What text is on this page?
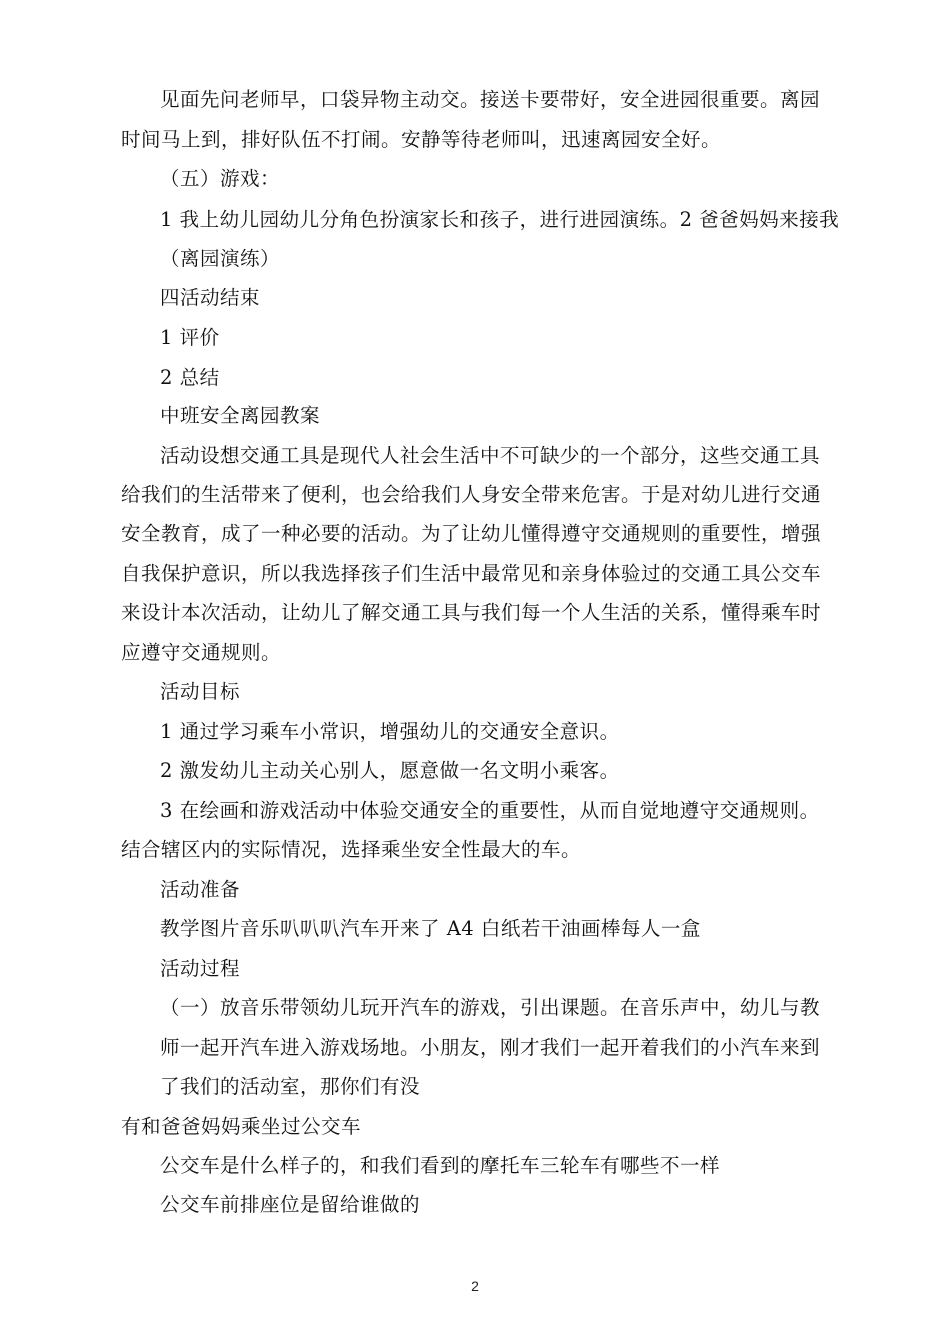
见面先问老师早，口袋异物主动交。接送卡要带好，安全进园很重要。离园
时间马上到，排好队伍不打闹。安静等待老师叫，迅速离园安全好。
（五）游戏：
1 我上幼儿园幼儿分角色扮演家长和孩子，进行进园演练。2 爸爸妈妈来接我
（离园演练）
四活动结束
1 评价
2 总结
中班安全离园教案
活动设想交通工具是现代人社会生活中不可缺少的一个部分，这些交通工具
给我们的生活带来了便利，也会给我们人身安全带来危害。于是对幼儿进行交通
安全教育，成了一种必要的活动。为了让幼儿懂得遵守交通规则的重要性，增强
自我保护意识，所以我选择孩子们生活中最常见和亲身体验过的交通工具公交车
来设计本次活动，让幼儿了解交通工具与我们每一个人生活的关系，懂得乘车时
应遵守交通规则。
活动目标
1 通过学习乘车小常识，增强幼儿的交通安全意识。
2 激发幼儿主动关心别人，愿意做一名文明小乘客。
3 在绘画和游戏活动中体验交通安全的重要性，从而自觉地遵守交通规则。
结合辖区内的实际情况，选择乘坐安全性最大的车。
活动准备
教学图片音乐叭叭叭汽车开来了 A4 白纸若干油画棒每人一盒
活动过程
（一）放音乐带领幼儿玩开汽车的游戏，引出课题。在音乐声中，幼儿与教
师一起开汽车进入游戏场地。小朋友，刚才我们一起开着我们的小汽车来到
了我们的活动室，那你们有没
有和爸爸妈妈乘坐过公交车
公交车是什么样子的，和我们看到的摩托车三轮车有哪些不一样
公交车前排座位是留给谁做的
2
